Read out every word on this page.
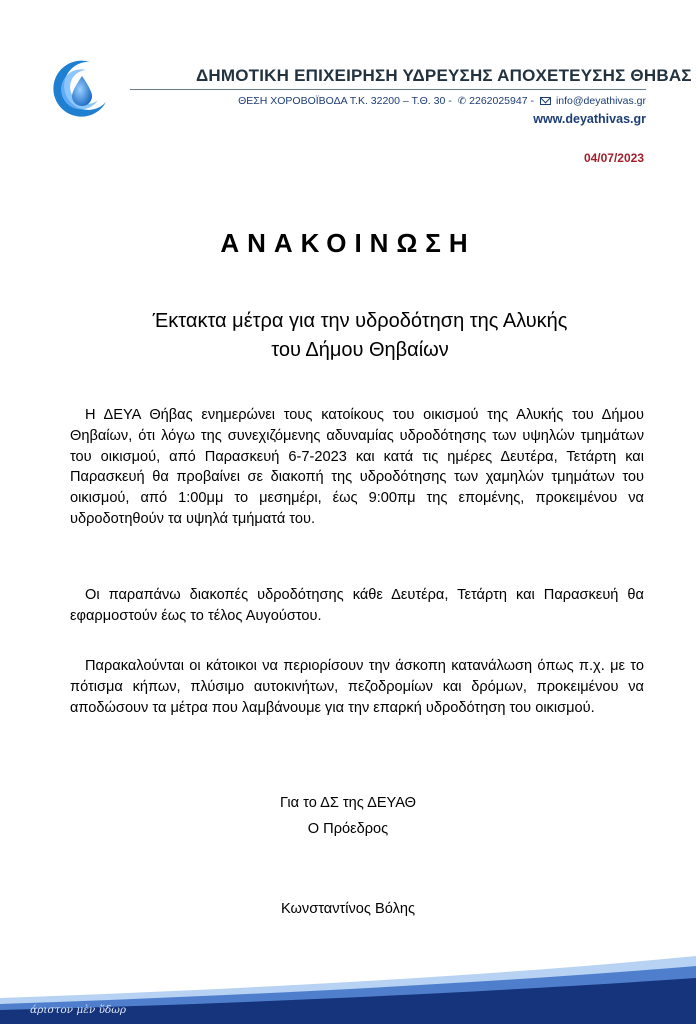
ΔΗΜΟΤΙΚΗ ΕΠΙΧΕΙΡΗΣΗ ΥΔΡΕΥΣΗΣ ΑΠΟΧΕΤΕΥΣΗΣ ΘΗΒΑΣ
ΘΕΣΗ ΧΟΡΟΒΟΪΒΟΔΑ Τ.Κ. 32200 – Τ.Θ. 30 - ✆ 2262025947 - info@deyathivas.gr
www.deyathivas.gr
04/07/2023
ΑΝΑΚΟΙΝΩΣΗ
Έκτακτα μέτρα για την υδροδότηση της Αλυκής
του Δήμου Θηβαίων

Η ΔΕΥΑ Θήβας ενημερώνει τους κατοίκους του οικισμού της Αλυκής του Δήμου Θηβαίων, ότι λόγω της συνεχιζόμενης αδυναμίας υδροδότησης των υψηλών τμημάτων του οικισμού, από Παρασκευή 6-7-2023 και κατά τις ημέρες Δευτέρα, Τετάρτη και Παρασκευή θα προβαίνει σε διακοπή της υδροδότησης των χαμηλών τμημάτων του οικισμού, από 1:00μμ το μεσημέρι, έως 9:00πμ της επομένης, προκειμένου να υδροδοτηθούν τα υψηλά τμήματά του.

Οι παραπάνω διακοπές υδροδότησης κάθε Δευτέρα, Τετάρτη και Παρασκευή θα εφαρμοστούν έως το τέλος Αυγούστου.

Παρακαλούνται οι κάτοικοι να περιορίσουν την άσκοπη κατανάλωση όπως π.χ. με το πότισμα κήπων, πλύσιμο αυτοκινήτων, πεζοδρομίων και δρόμων, προκειμένου να αποδώσουν τα μέτρα που λαμβάνουμε για την επαρκή υδροδότηση του οικισμού.

Για το ΔΣ της ΔΕΥΑΘ
Ο Πρόεδρος
Κωνσταντίνος Βόλης
άριστον μὲν ὕδωρ
